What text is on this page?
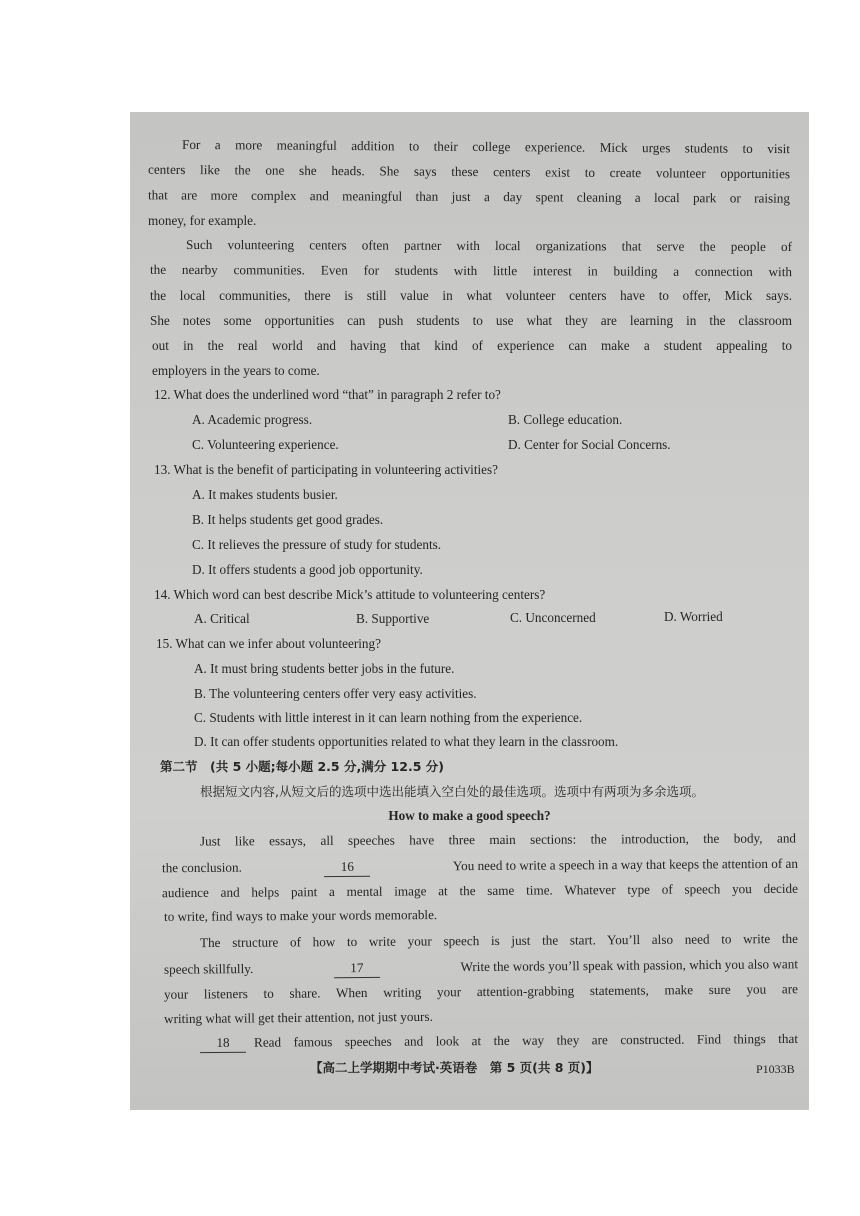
For a more meaningful addition to their college experience. Mick urges students to visit
centers like the one she heads. She says these centers exist to create volunteer opportunities
that are more complex and meaningful than just a day spent cleaning a local park or raising
money, for example.
Such volunteering centers often partner with local organizations that serve the people of
the nearby communities. Even for students with little interest in building a connection with
the local communities, there is still value in what volunteer centers have to offer, Mick says.
She notes some opportunities can push students to use what they are learning in the classroom
out in the real world and having that kind of experience can make a student appealing to
employers in the years to come.
12. What does the underlined word “that” in paragraph 2 refer to?
A. Academic progress.	B. College education.
C. Volunteering experience.	D. Center for Social Concerns.
13. What is the benefit of participating in volunteering activities?
A. It makes students busier.
B. It helps students get good grades.
C. It relieves the pressure of study for students.
D. It offers students a good job opportunity.
14. Which word can best describe Mick’s attitude to volunteering centers?
A. Critical	B. Supportive	C. Unconcerned	D. Worried
15. What can we infer about volunteering?
A. It must bring students better jobs in the future.
B. The volunteering centers offer very easy activities.
C. Students with little interest in it can learn nothing from the experience.
D. It can offer students opportunities related to what they learn in the classroom.
第二节　(共 5 小题;每小题 2.5 分,满分 12.5 分)
根据短文内容,从短文后的选项中选出能填入空白处的最佳选项。选项中有两项为多余选项。
How to make a good speech?
Just like essays, all speeches have three main sections: the introduction, the body, and
the conclusion.	16	You need to write a speech in a way that keeps the attention of an
audience and helps paint a mental image at the same time. Whatever type of speech you decide
to write, find ways to make your words memorable.
The structure of how to write your speech is just the start. You’ll also need to write the
speech skillfully.	17	Write the words you’ll speak with passion, which you also want
your listeners to share. When writing your attention-grabbing statements, make sure you are
writing what will get their attention, not just yours.
18	Read famous speeches and look at the way they are constructed. Find things that
【高二上学期期中考试·英语卷　第 5 页(共 8 页)】	P1033B
